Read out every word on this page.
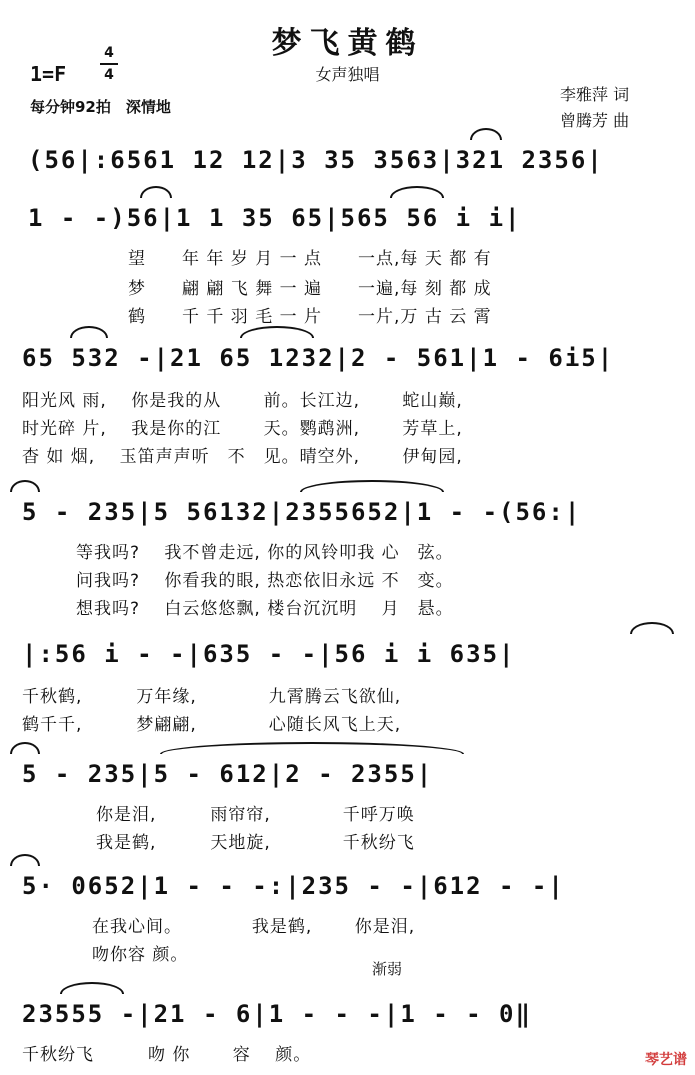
梦飞黄鹤
女声独唱
1=F
4
4
每分钟92拍　深情地
李雅萍 词
曾腾芳 曲
(56|:6561 12 12|3 35 3563|321 2356|
1 - -)56|1 1 35 65|565 56 i i|
望　　年 年 岁 月 一 点　　一点,每 天 都 有
梦　　翩 翩 飞 舞 一 遍　　一遍,每 刻 都 成
鹤　　千 千 羽 毛 一 片　　一片,万 古 云 霄
65 532 -|21 65 1232|2 - 561|1 - 6i5|
阳光风 雨,　 你是我的从　　 前。长江边,　　 蛇山巅,
时光碎 片,　 我是你的江　　 天。鹦鹉洲,　　 芳草上,
杳 如 烟,　 玉笛声声听　不　见。晴空外,　　 伊甸园,
5 - 235|5 56132|2355652|1 - -(56:|
等我吗?　 我不曾走远, 你的风铃叩我 心　弦。
问我吗?　 你看我的眼, 热恋依旧永远 不　变。
想我吗?　 白云悠悠飘, 楼台沉沉明　 月　悬。
|:56 i - -|635 - -|56 i i 635|
千秋鹤,　　　万年缘,　　　　九霄腾云飞欲仙,
鹤千千,　　　梦翩翩,　　　　心随长风飞上天,
5 - 235|5 - 612|2 - 2355|
你是泪,　　　雨帘帘,　　　　千呼万唤
我是鹤,　　　天地旋,　　　　千秋纷飞
5· 0652|1 - - -:|235 - -|612 - -|
在我心间。　　　　 我是鹤,　　 你是泪,
吻你容 颜。
渐弱
23555 -|21 - 6|1 - - -|1 - - 0‖
千秋纷飞　　　吻 你　　 容　 颜。	琴艺谱
